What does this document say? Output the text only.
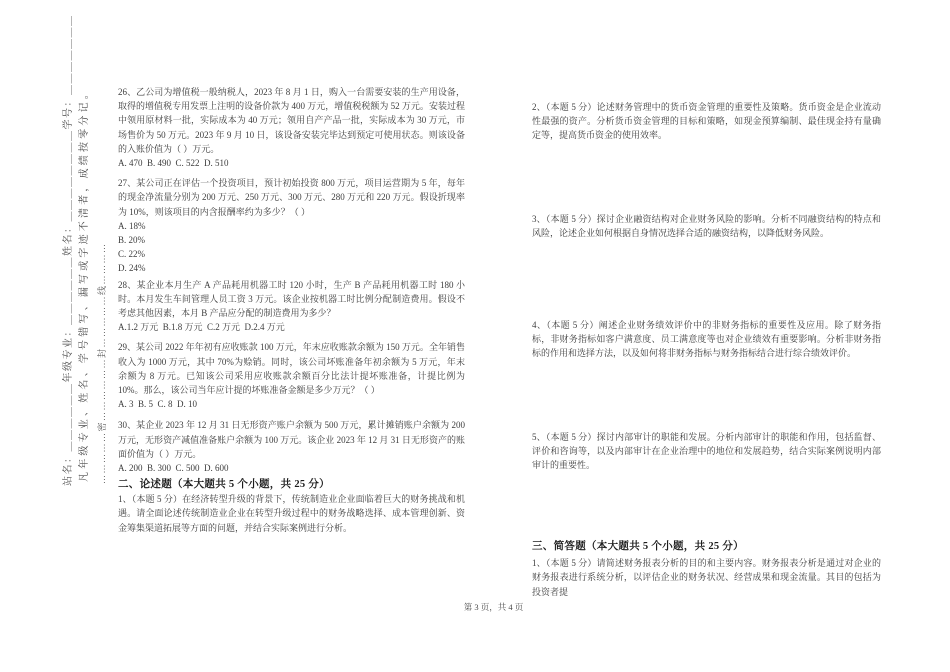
站名：＿＿＿＿＿＿年级专业：＿＿＿＿＿＿姓名：＿＿＿＿＿＿＿＿学号：＿＿＿＿＿＿＿ 凡年级专业、姓名、学号错写、漏写或字迹不清者，成绩按零分记。 ……………密………………封……………线…………

26、乙公司为增值税一般纳税人，2023 年 8 月 1 日，购入一台需要安装的生产用设备，取得的增值税专用发票上注明的设备价款为 400 万元，增值税税额为 52 万元。安装过程中领用原材料一批，实际成本为 40 万元；领用自产产品一批，实际成本为 30 万元，市场售价为 50 万元。2023 年 9 月 10 日，该设备安装完毕达到预定可使用状态。则该设备的入账价值为（ ）万元。

A. 470  B. 490  C. 522  D. 510

27、某公司正在评估一个投资项目，预计初始投资 800 万元，项目运营期为 5 年，每年的现金净流量分别为 200 万元、250 万元、300 万元、280 万元和 220 万元。假设折现率为 10%，则该项目的内含报酬率约为多少？（ ）

A. 18%

B. 20%

C. 22%

D. 24%

28、某企业本月生产 A 产品耗用机器工时 120 小时，生产 B 产品耗用机器工时 180 小时。本月发生车间管理人员工资 3 万元。该企业按机器工时比例分配制造费用。假设不考虑其他因素，本月 B 产品应分配的制造费用为多少？

A.1.2 万元  B.1.8 万元  C.2 万元  D.2.4 万元

29、某公司 2022 年年初有应收账款 100 万元，年末应收账款余额为 150 万元。全年销售收入为 1000 万元，其中 70%为赊销。同时，该公司坏账准备年初余额为 5 万元，年末余额为 8 万元。已知该公司采用应收账款余额百分比法计提坏账准备，计提比例为 10%。那么，该公司当年应计提的坏账准备金额是多少万元？（ ）

A. 3  B. 5  C. 8  D. 10

30、某企业 2023 年 12 月 31 日无形资产账户余额为 500 万元，累计摊销账户余额为 200 万元，无形资产减值准备账户余额为 100 万元。该企业 2023 年 12 月 31 日无形资产的账面价值为（ ）万元。

A. 200  B. 300  C. 500  D. 600

二、论述题（本大题共 5 个小题，共 25 分）

1、（本题 5 分）在经济转型升级的背景下，传统制造业企业面临着巨大的财务挑战和机遇。请全面论述传统制造业企业在转型升级过程中的财务战略选择、成本管理创新、资金筹集渠道拓展等方面的问题，并结合实际案例进行分析。

2、（本题 5 分）论述财务管理中的货币资金管理的重要性及策略。货币资金是企业流动性最强的资产。分析货币资金管理的目标和策略，如现金预算编制、最佳现金持有量确定等，提高货币资金的使用效率。

3、（本题 5 分）探讨企业融资结构对企业财务风险的影响。分析不同融资结构的特点和风险，论述企业如何根据自身情况选择合适的融资结构，以降低财务风险。

4、（本题 5 分）阐述企业财务绩效评价中的非财务指标的重要性及应用。除了财务指标，非财务指标如客户满意度、员工满意度等也对企业绩效有重要影响。分析非财务指标的作用和选择方法，以及如何将非财务指标与财务指标结合进行综合绩效评价。

5、（本题 5 分）探讨内部审计的职能和发展。分析内部审计的职能和作用，包括监督、评价和咨询等，以及内部审计在企业治理中的地位和发展趋势，结合实际案例说明内部审计的重要性。

三、简答题（本大题共 5 个小题，共 25 分）

1、（本题 5 分）请简述财务报表分析的目的和主要内容。财务报表分析是通过对企业的财务报表进行系统分析，以评估企业的财务状况、经营成果和现金流量。其目的包括为投资者提

第 3 页，共 4 页
